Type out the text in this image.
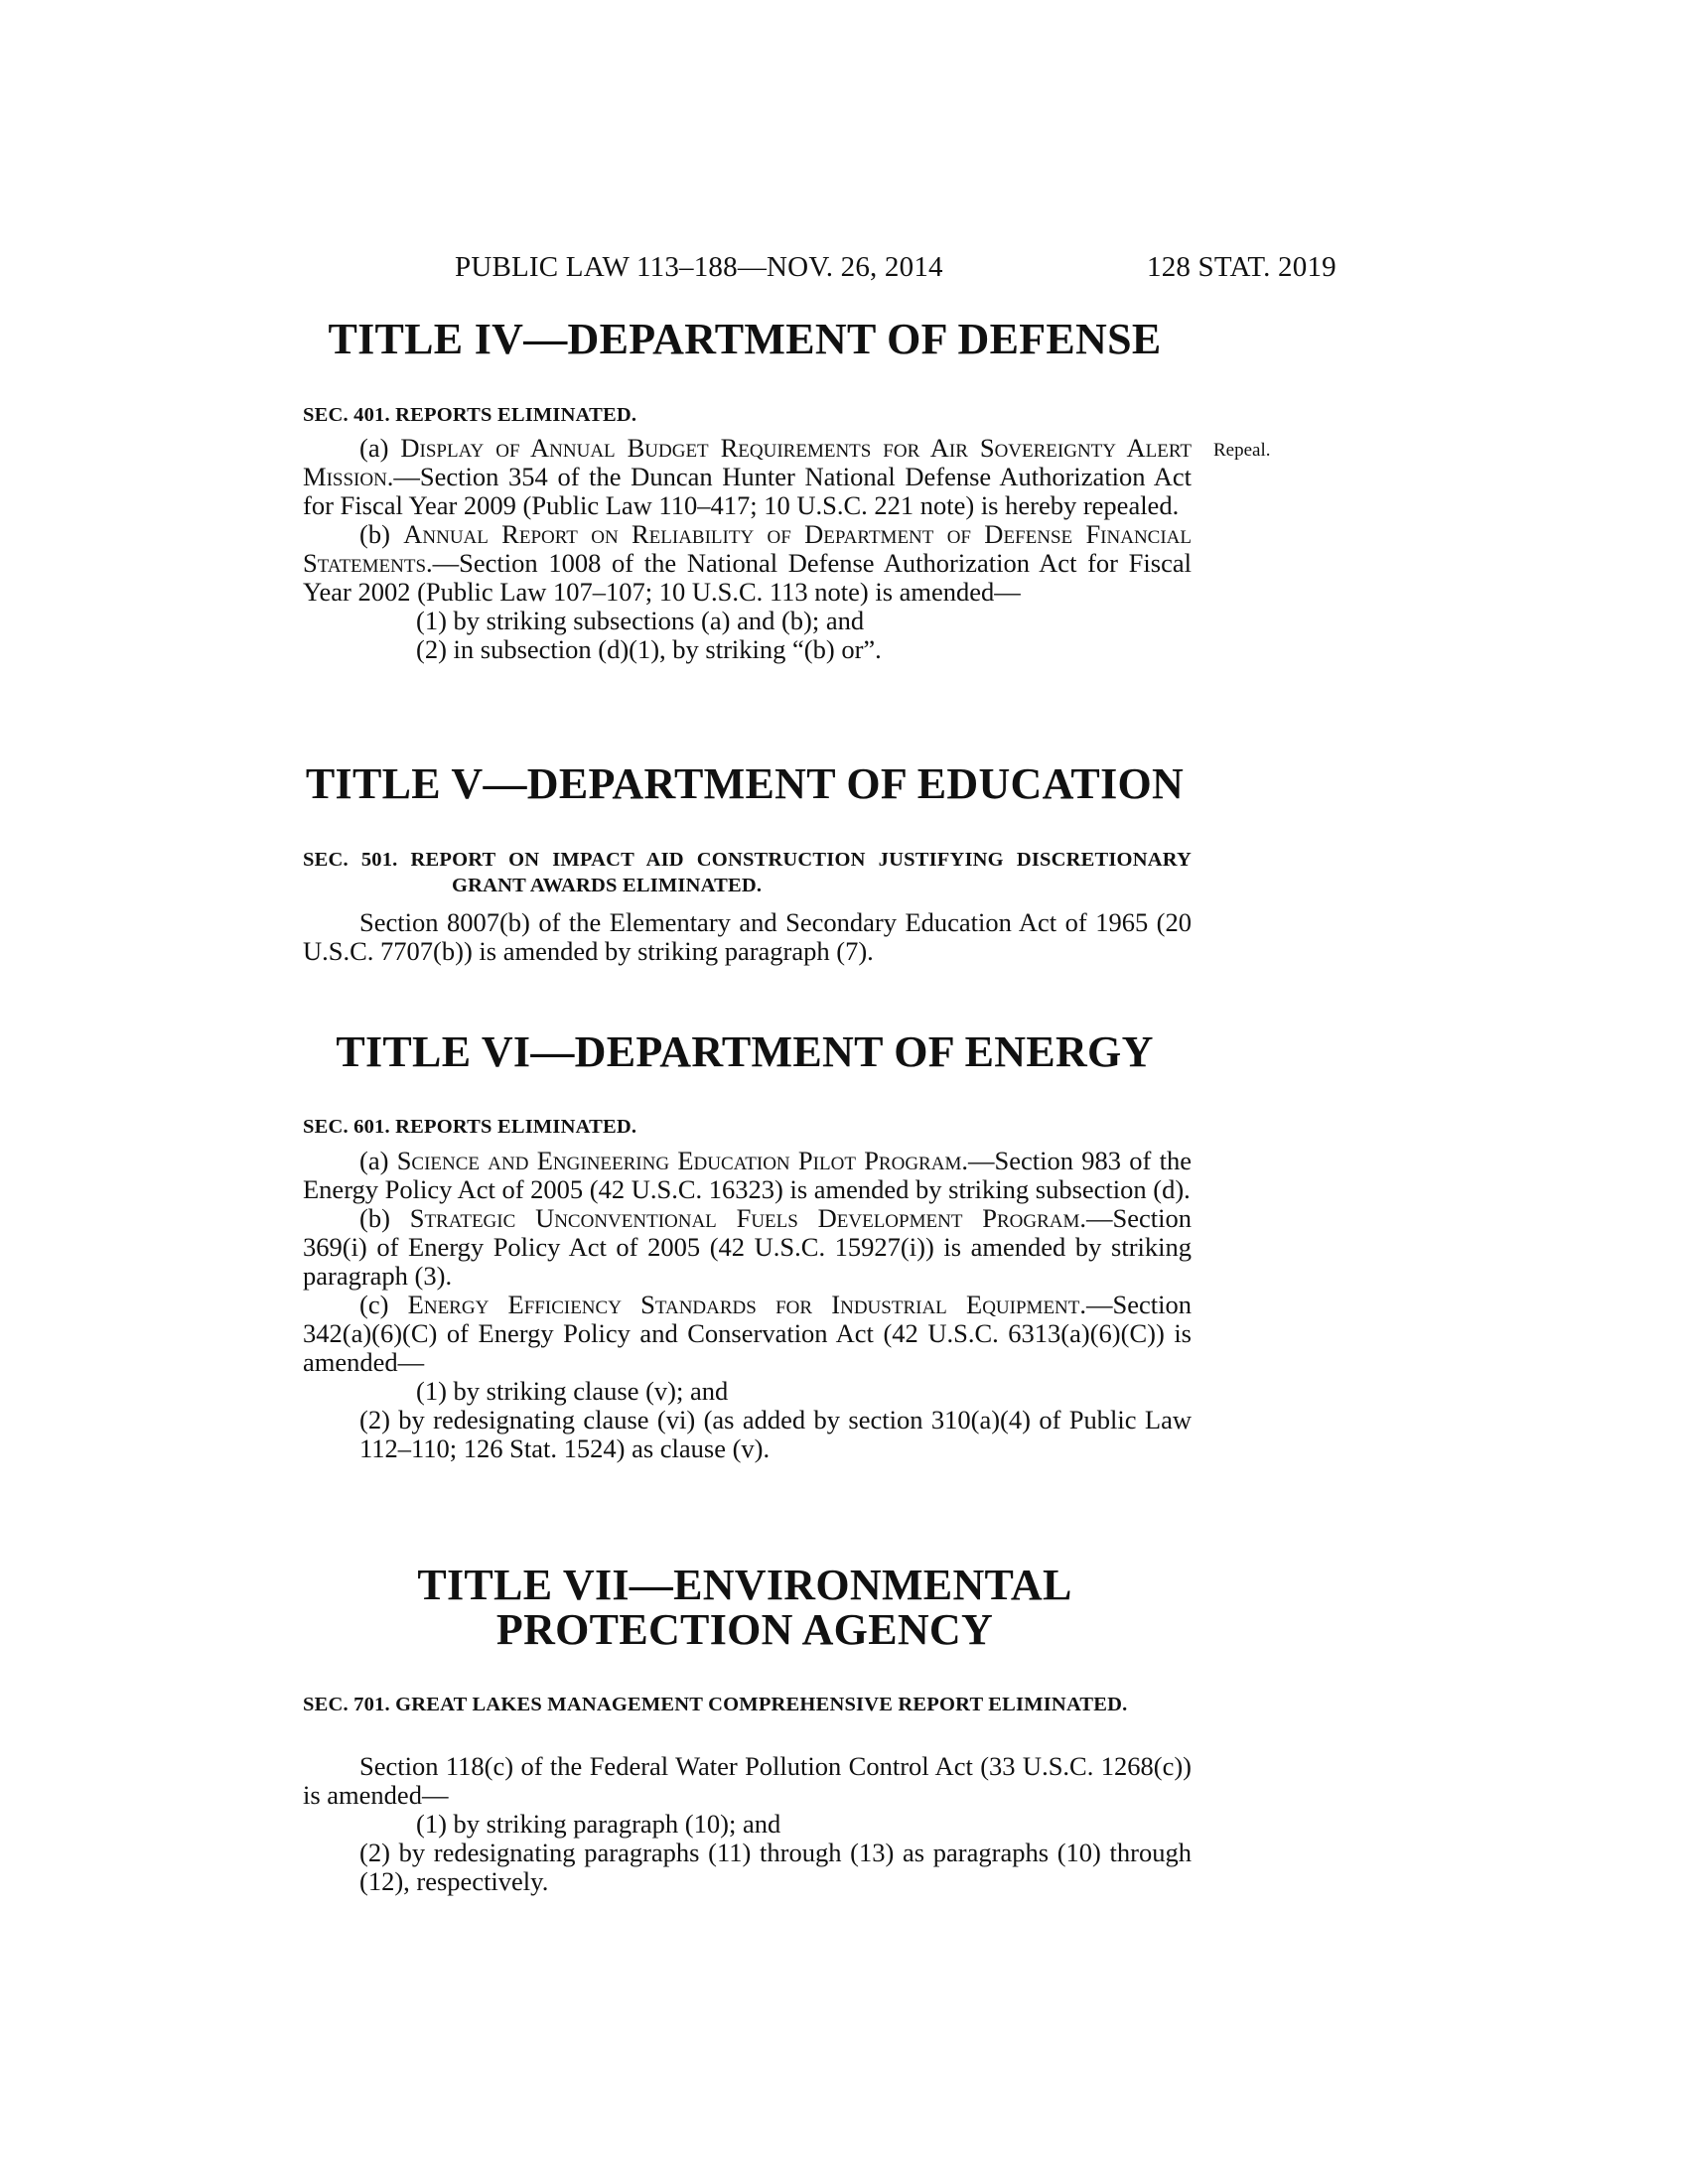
PUBLIC LAW 113–188—NOV. 26, 2014	128 STAT. 2019
TITLE IV—DEPARTMENT OF DEFENSE
SEC. 401. REPORTS ELIMINATED.
Repeal.

(a) Display of Annual Budget Requirements for Air Sovereignty Alert Mission.—Section 354 of the Duncan Hunter National Defense Authorization Act for Fiscal Year 2009 (Public Law 110–417; 10 U.S.C. 221 note) is hereby repealed.

(b) Annual Report on Reliability of Department of Defense Financial Statements.—Section 1008 of the National Defense Authorization Act for Fiscal Year 2002 (Public Law 107–107; 10 U.S.C. 113 note) is amended—

(1) by striking subsections (a) and (b); and

(2) in subsection (d)(1), by striking “(b) or”.

TITLE V—DEPARTMENT OF EDUCATION
SEC. 501. REPORT ON IMPACT AID CONSTRUCTION JUSTIFYING DISCRETIONARY GRANT AWARDS ELIMINATED.

Section 8007(b) of the Elementary and Secondary Education Act of 1965 (20 U.S.C. 7707(b)) is amended by striking paragraph (7).

TITLE VI—DEPARTMENT OF ENERGY
SEC. 601. REPORTS ELIMINATED.

(a) Science and Engineering Education Pilot Program.—Section 983 of the Energy Policy Act of 2005 (42 U.S.C. 16323) is amended by striking subsection (d).

(b) Strategic Unconventional Fuels Development Program.—Section 369(i) of Energy Policy Act of 2005 (42 U.S.C. 15927(i)) is amended by striking paragraph (3).

(c) Energy Efficiency Standards for Industrial Equipment.—Section 342(a)(6)(C) of Energy Policy and Conservation Act (42 U.S.C. 6313(a)(6)(C)) is amended—

(1) by striking clause (v); and

(2) by redesignating clause (vi) (as added by section 310(a)(4) of Public Law 112–110; 126 Stat. 1524) as clause (v).

TITLE VII—ENVIRONMENTAL
PROTECTION AGENCY
SEC. 701. GREAT LAKES MANAGEMENT COMPREHENSIVE REPORT ELIMINATED.

Section 118(c) of the Federal Water Pollution Control Act (33 U.S.C. 1268(c)) is amended—

(1) by striking paragraph (10); and

(2) by redesignating paragraphs (11) through (13) as paragraphs (10) through (12), respectively.
